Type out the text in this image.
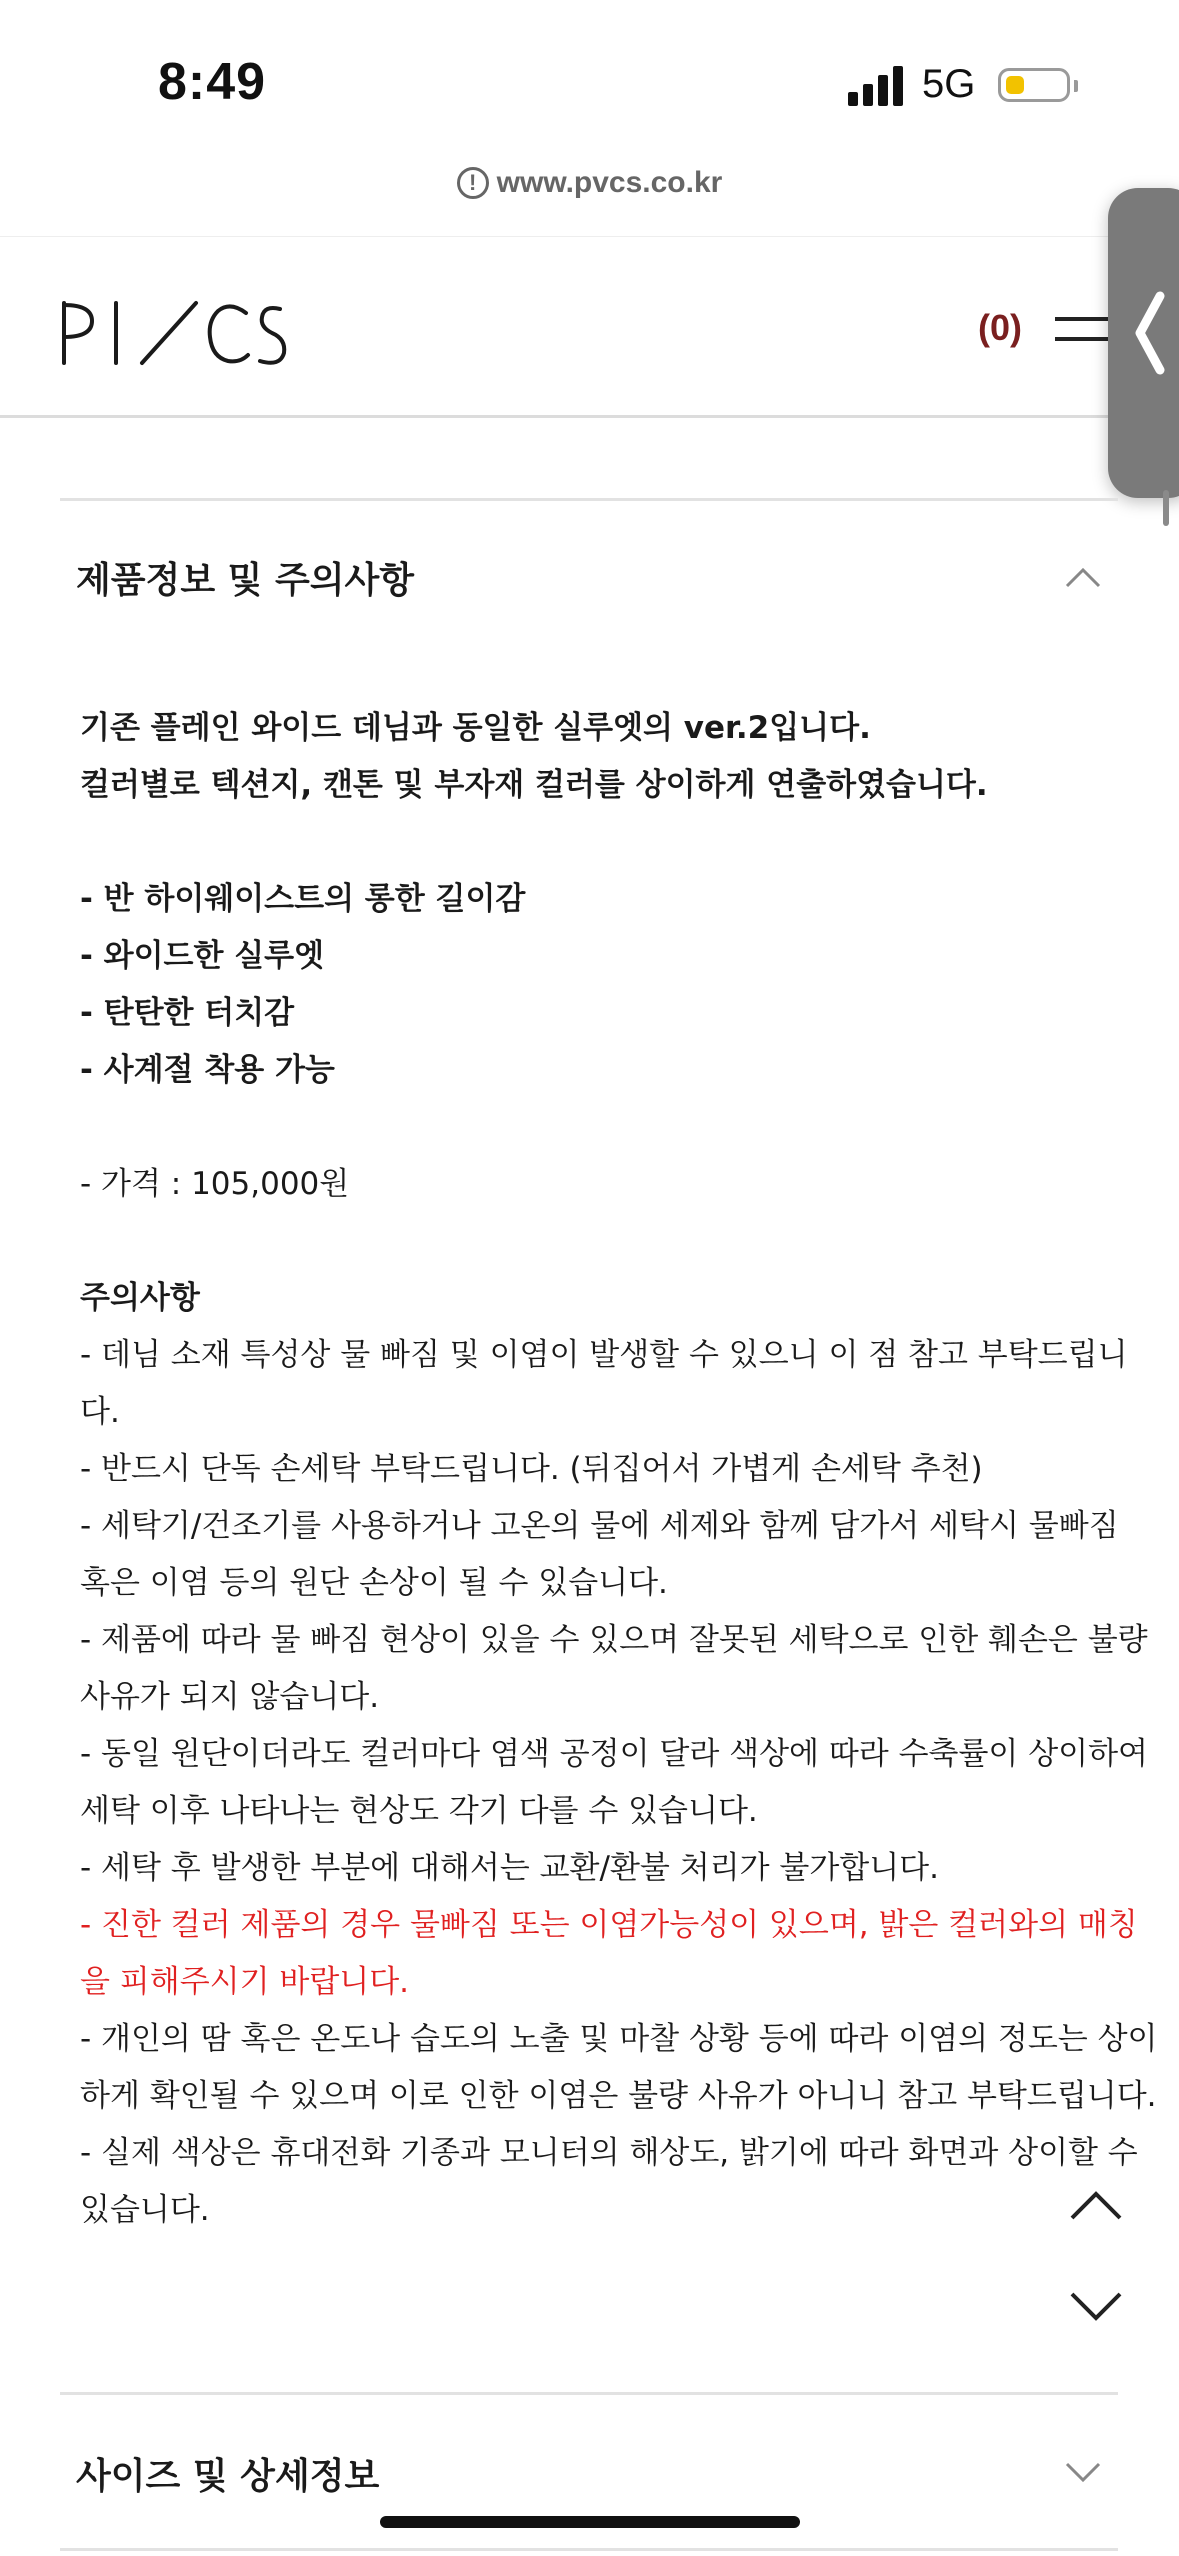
8:49	5G
! www.pvcs.co.kr
(0)
제품정보 및 주의사항
기존 플레인 와이드 데님과 동일한 실루엣의 ver.2입니다.
컬러별로 텍션지, 캔톤 및 부자재 컬러를 상이하게 연출하였습니다.
- 반 하이웨이스트의 롱한 길이감
- 와이드한 실루엣
- 탄탄한 터치감
- 사계절 착용 가능
- 가격 : 105,000원
주의사항
- 데님 소재 특성상 물 빠짐 및 이염이 발생할 수 있으니 이 점 참고 부탁드립니
다.
- 반드시 단독 손세탁 부탁드립니다. (뒤집어서 가볍게 손세탁 추천)
- 세탁기/건조기를 사용하거나 고온의 물에 세제와 함께 담가서 세탁시 물빠짐
혹은 이염 등의 원단 손상이 될 수 있습니다.
- 제품에 따라 물 빠짐 현상이 있을 수 있으며 잘못된 세탁으로 인한 훼손은 불량
사유가 되지 않습니다.
- 동일 원단이더라도 컬러마다 염색 공정이 달라 색상에 따라 수축률이 상이하여
세탁 이후 나타나는 현상도 각기 다를 수 있습니다.
- 세탁 후 발생한 부분에 대해서는 교환/환불 처리가 불가합니다.
- 진한 컬러 제품의 경우 물빠짐 또는 이염가능성이 있으며, 밝은 컬러와의 매칭
을 피해주시기 바랍니다.
- 개인의 땀 혹은 온도나 습도의 노출 및 마찰 상황 등에 따라 이염의 정도는 상이
하게 확인될 수 있으며 이로 인한 이염은 불량 사유가 아니니 참고 부탁드립니다.
- 실제 색상은 휴대전화 기종과 모니터의 해상도, 밝기에 따라 화면과 상이할 수
있습니다.
사이즈 및 상세정보
